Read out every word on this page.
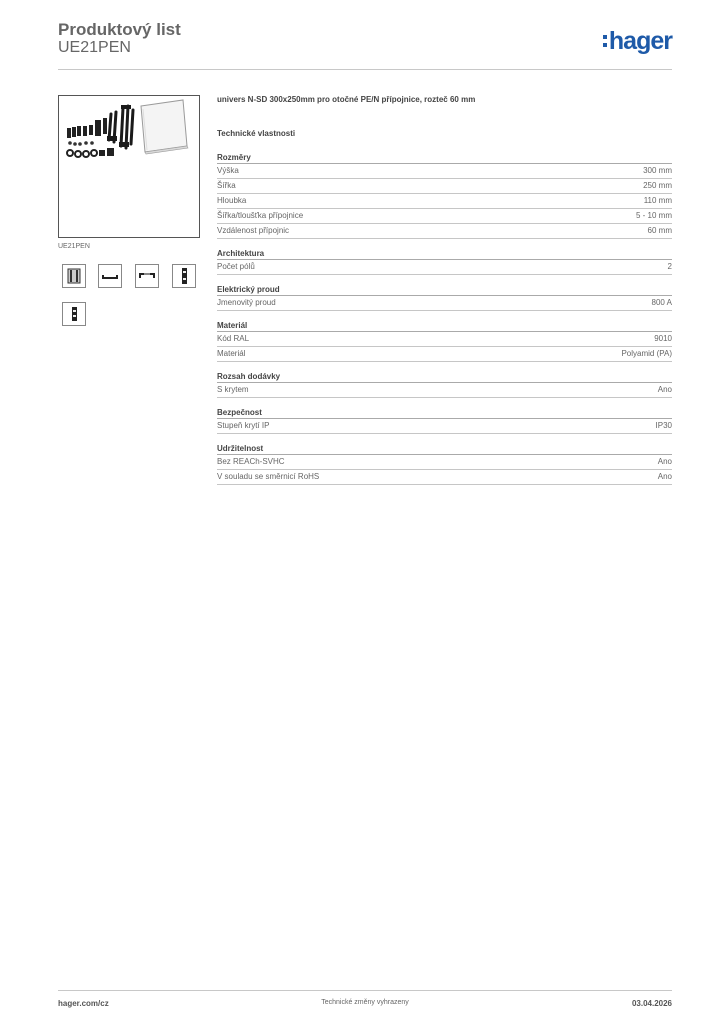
Produktový list
UE21PEN	hager
UE21PEN
univers N-SD 300x250mm pro otočné PE/N přípojnice, rozteč 60 mm
Technické vlastnosti
Rozměry
Výška	300 mm
Šířka	250 mm
Hloubka	110 mm
Šířka/tloušťka přípojnice	5 - 10 mm
Vzdálenost přípojnic	60 mm
Architektura
Počet pólů	2
Elektrický proud
Jmenovitý proud	800 A
Materiál
Kód RAL	9010
Materiál	Polyamid (PA)
Rozsah dodávky
S krytem	Ano
Bezpečnost
Stupeň krytí IP	IP30
Udržitelnost
Bez REACh-SVHC	Ano
V souladu se směrnicí RoHS	Ano
Technické změny vyhrazeny
hager.com/cz	03.04.2026
